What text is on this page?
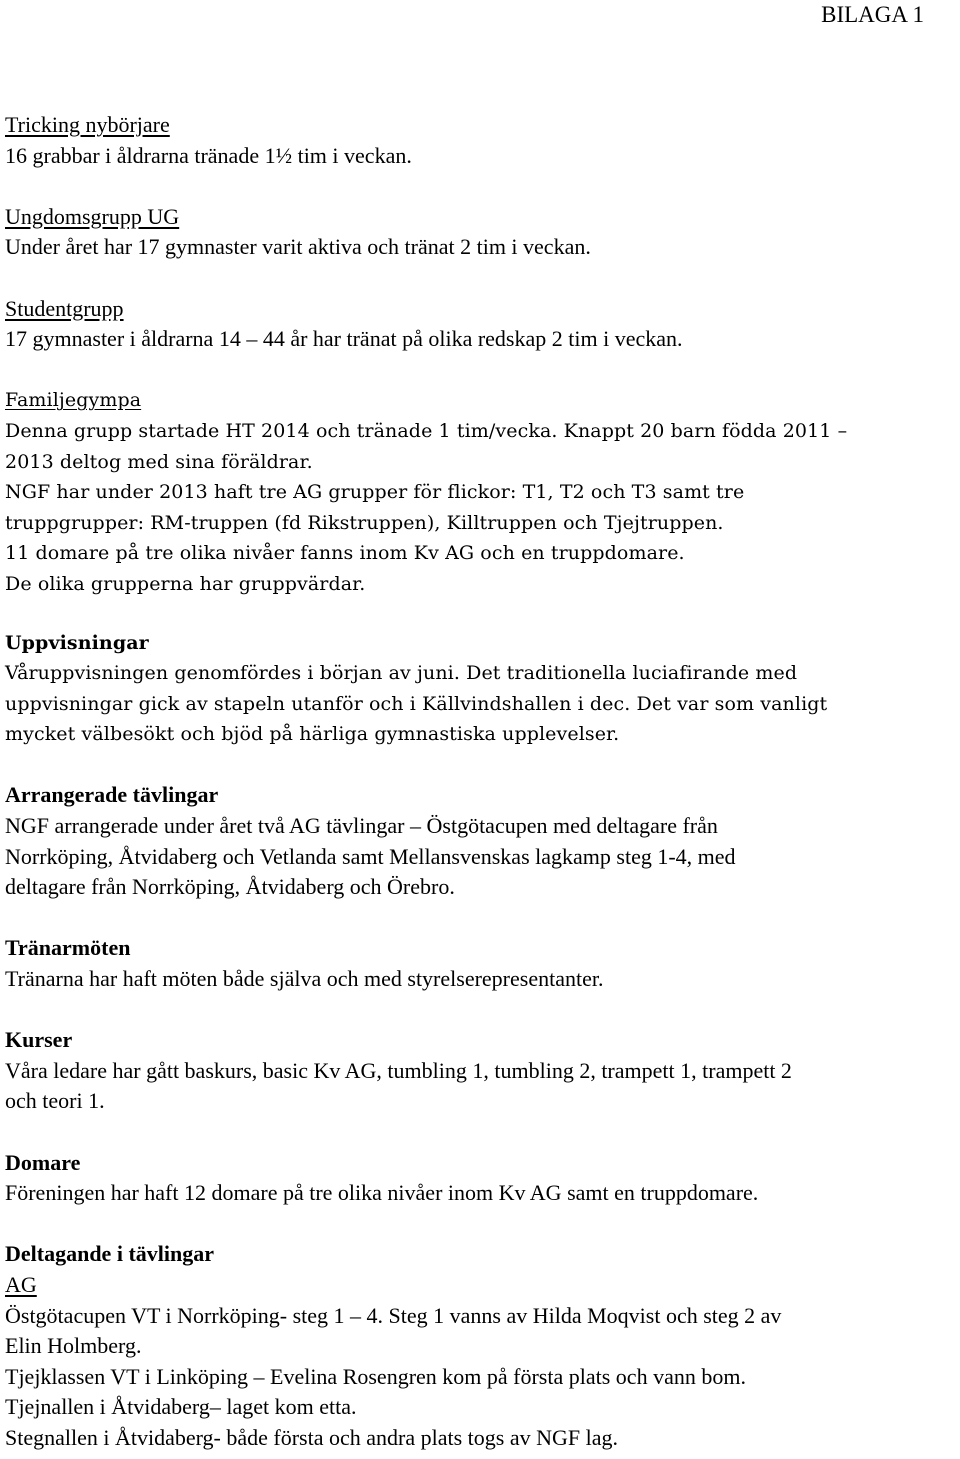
BILAGA 1
Tricking nybörjare
16 grabbar i åldrarna tränade 1½ tim i veckan.
Ungdomsgrupp UG
Under året har 17 gymnaster varit aktiva och tränat 2 tim i veckan.
Studentgrupp
17 gymnaster i åldrarna 14 – 44 år har tränat på olika redskap 2 tim i veckan.
Familjegympa
Denna grupp startade HT 2014 och tränade 1 tim/vecka. Knappt 20 barn födda 2011 –
2013 deltog med sina föräldrar.
NGF har under 2013 haft tre AG grupper för flickor: T1, T2 och T3 samt tre
truppgrupper: RM-truppen (fd Rikstruppen), Killtruppen och Tjejtruppen.
11 domare på tre olika nivåer fanns inom Kv AG och en truppdomare.
De olika grupperna har gruppvärdar.
Uppvisningar
Våruppvisningen genomfördes i början av juni. Det traditionella luciafirande med
uppvisningar gick av stapeln utanför och i Källvindshallen i dec. Det var som vanligt
mycket välbesökt och bjöd på härliga gymnastiska upplevelser.
Arrangerade tävlingar
NGF arrangerade under året två AG tävlingar – Östgötacupen med deltagare från
Norrköping, Åtvidaberg och Vetlanda samt Mellansvenskas lagkamp steg 1-4, med
deltagare från Norrköping, Åtvidaberg och Örebro.
Tränarmöten
Tränarna har haft möten både själva och med styrelserepresentanter.
Kurser
Våra ledare har gått baskurs, basic Kv AG, tumbling 1, tumbling 2, trampett 1, trampett 2
och teori 1.
Domare
Föreningen har haft 12 domare på tre olika nivåer inom Kv AG samt en truppdomare.
Deltagande i tävlingar
AG
Östgötacupen VT i Norrköping- steg 1 – 4. Steg 1 vanns av Hilda Moqvist och steg 2 av
Elin Holmberg.
Tjejklassen VT i Linköping – Evelina Rosengren kom på första plats och vann bom.
Tjejnallen i Åtvidaberg– laget kom etta.
Stegnallen i Åtvidaberg- både första och andra plats togs av NGF lag.
